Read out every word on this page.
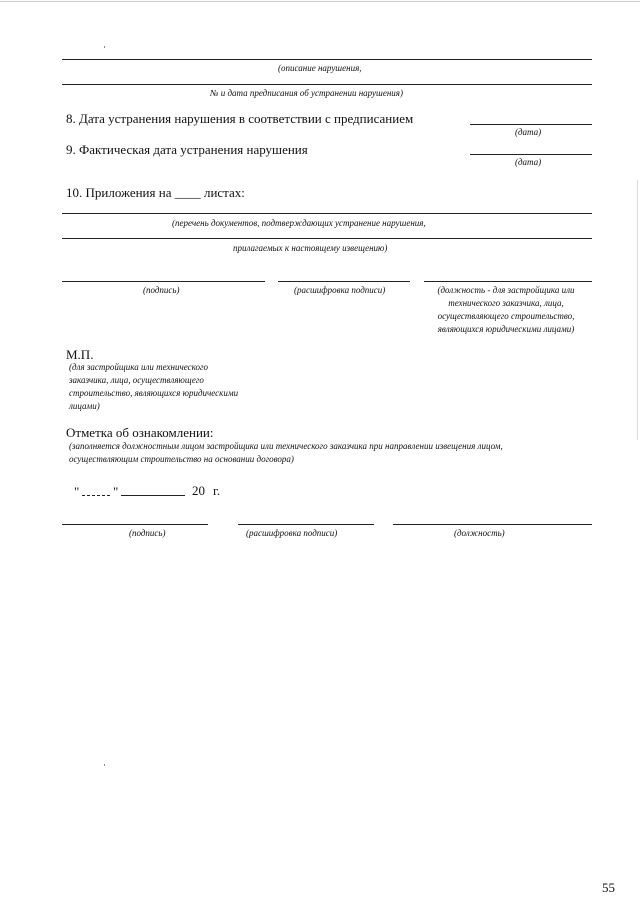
(описание нарушения,
№ и дата предписания об устранении нарушения)
8. Дата устранения нарушения в соответствии с предписанием
(дата)
9. Фактическая дата устранения нарушения
(дата)
10. Приложения на ____ листах:
(перечень документов, подтверждающих устранение нарушения,
прилагаемых к настоящему извещению)
(подпись)	(расшифровка подписи)	(должность - для застройщика или технического заказчика, лица, осуществляющего строительство, являющихся юридическими лицами)
М.П.
(для застройщика или технического заказчика, лица, осуществляющего строительство, являющихся юридическими лицами)
Отметка об ознакомлении:
(заполняется должностным лицом застройщика или технического заказчика при направлении извещения лицом, осуществляющим строительство на основании договора)
"	"	20 г.
(подпись)	(расшифровка подписи)	(должность)
55
